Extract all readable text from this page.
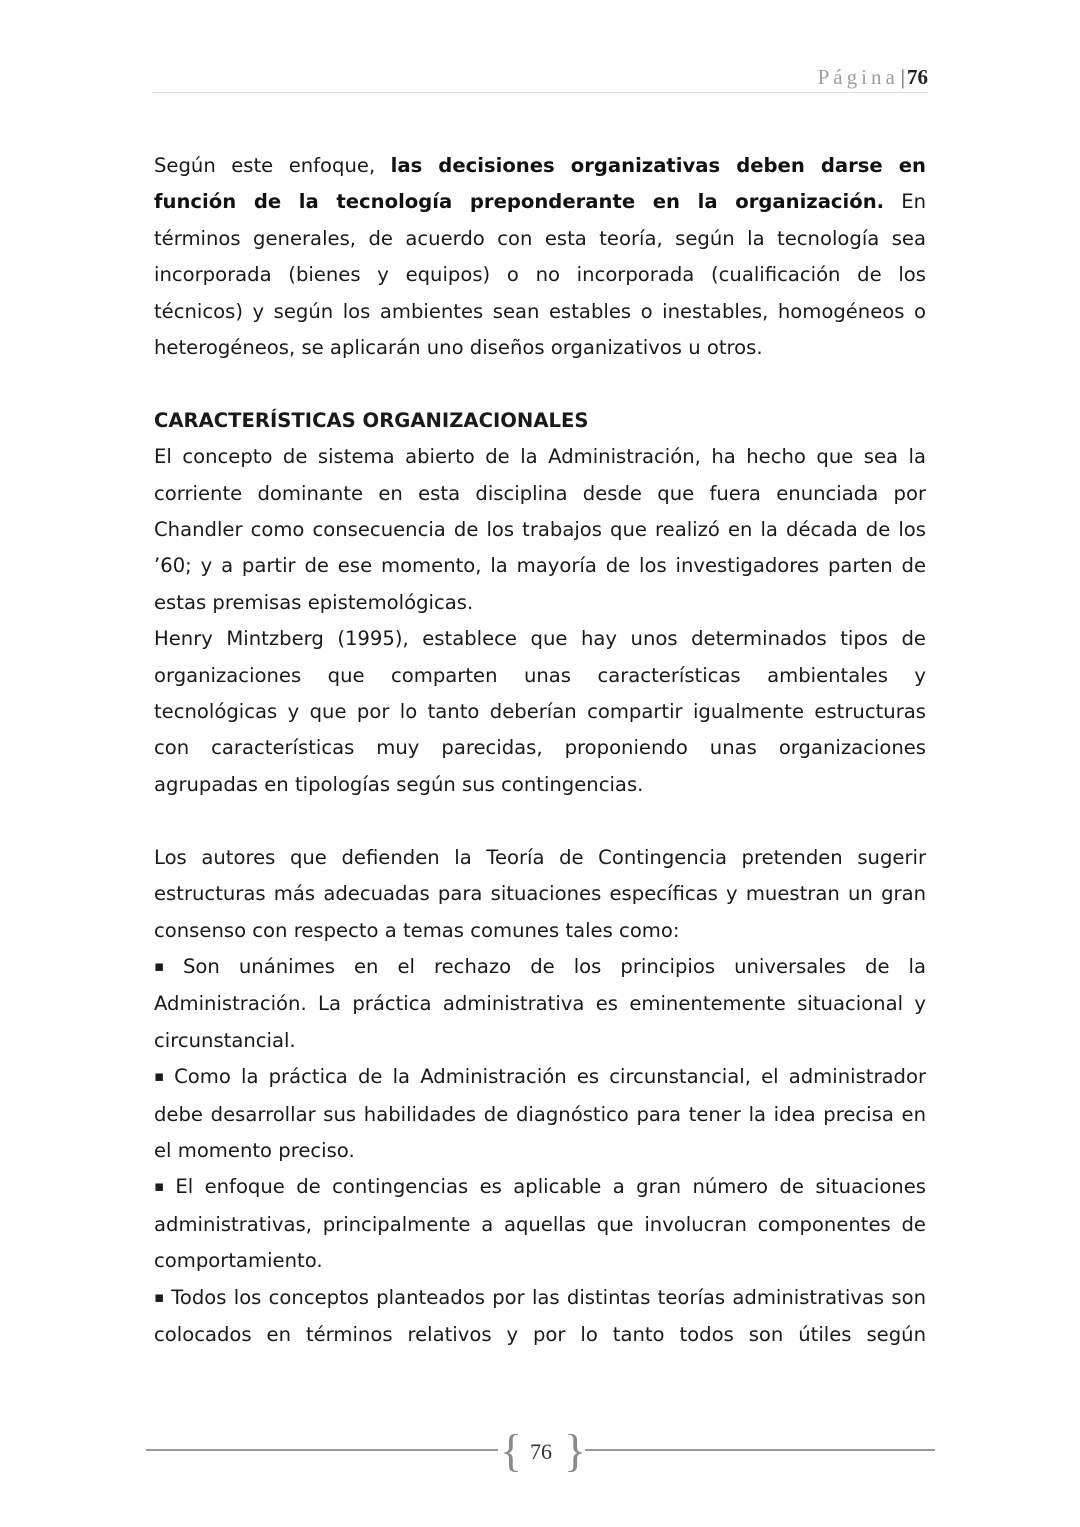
Página|76

Según este enfoque, las decisiones organizativas deben darse en función de la tecnología preponderante en la organización. En términos generales, de acuerdo con esta teoría, según la tecnología sea incorporada (bienes y equipos) o no incorporada (cualificación de los técnicos) y según los ambientes sean estables o inestables, homogéneos o heterogéneos, se aplicarán uno diseños organizativos u otros.

CARACTERÍSTICAS ORGANIZACIONALES

El concepto de sistema abierto de la Administración, ha hecho que sea la corriente dominante en esta disciplina desde que fuera enunciada por Chandler como consecuencia de los trabajos que realizó en la década de los ’60; y a partir de ese momento, la mayoría de los investigadores parten de estas premisas epistemológicas.

Henry Mintzberg (1995), establece que hay unos determinados tipos de organizaciones que comparten unas características ambientales y tecnológicas y que por lo tanto deberían compartir igualmente estructuras con características muy parecidas, proponiendo unas organizaciones agrupadas en tipologías según sus contingencias.

Los autores que defienden la Teoría de Contingencia pretenden sugerir estructuras más adecuadas para situaciones específicas y muestran un gran consenso con respecto a temas comunes tales como:

▪ Son unánimes en el rechazo de los principios universales de la Administración. La práctica administrativa es eminentemente situacional y circunstancial.

▪ Como la práctica de la Administración es circunstancial, el administrador debe desarrollar sus habilidades de diagnóstico para tener la idea precisa en el momento preciso.

▪ El enfoque de contingencias es aplicable a gran número de situaciones administrativas, principalmente a aquellas que involucran componentes de comportamiento.

▪ Todos los conceptos planteados por las distintas teorías administrativas son colocados en términos relativos y por lo tanto todos son útiles según

{ 76 }
